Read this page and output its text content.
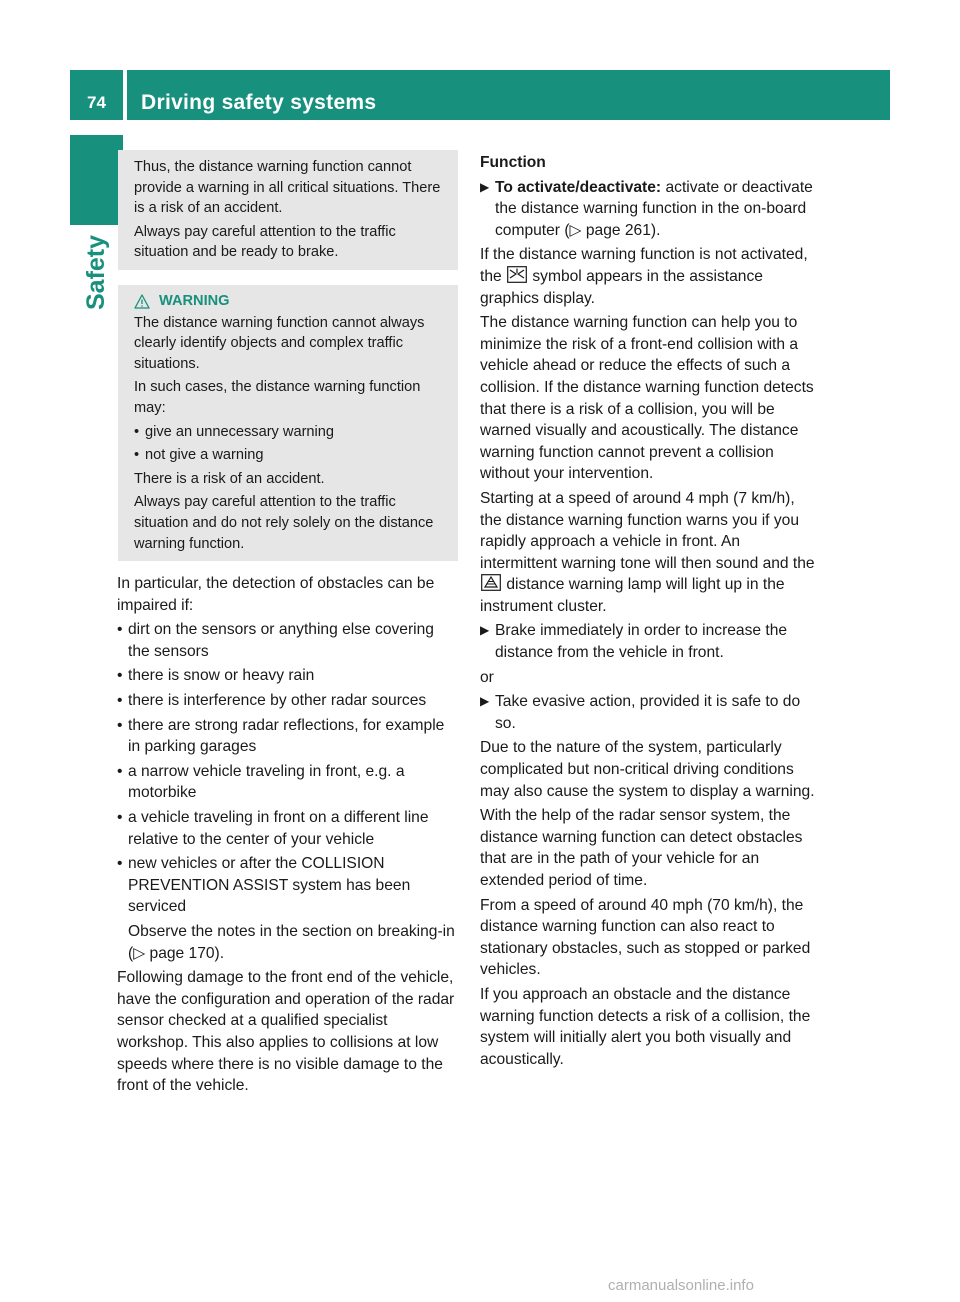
74	Driving safety systems
Safety

Thus, the distance warning function cannot provide a warning in all critical situations. There is a risk of an accident.

Always pay careful attention to the traffic situation and be ready to brake.

WARNING

The distance warning function cannot always clearly identify objects and complex traffic situations.

In such cases, the distance warning function may:

• give an unnecessary warning
• not give a warning

There is a risk of an accident.

Always pay careful attention to the traffic situation and do not rely solely on the distance warning function.

In particular, the detection of obstacles can be impaired if:

• dirt on the sensors or anything else covering the sensors
• there is snow or heavy rain
• there is interference by other radar sources
• there are strong radar reflections, for example in parking garages
• a narrow vehicle traveling in front, e.g. a motorbike
• a vehicle traveling in front on a different line relative to the center of your vehicle
• new vehicles or after the COLLISION PREVENTION ASSIST system has been serviced

Observe the notes in the section on breaking-in (▷ page 170).

Following damage to the front end of the vehicle, have the configuration and operation of the radar sensor checked at a qualified specialist workshop. This also applies to collisions at low speeds where there is no visible damage to the front of the vehicle.

Function

▶ To activate/deactivate: activate or deactivate the distance warning function in the on-board computer (▷ page 261).

If the distance warning function is not activated, the symbol appears in the assistance graphics display.

The distance warning function can help you to minimize the risk of a front-end collision with a vehicle ahead or reduce the effects of such a collision. If the distance warning function detects that there is a risk of a collision, you will be warned visually and acoustically. The distance warning function cannot prevent a collision without your intervention.

Starting at a speed of around 4 mph (7 km/h), the distance warning function warns you if you rapidly approach a vehicle in front. An intermittent warning tone will then sound and the  distance warning lamp will light up in the instrument cluster.

▶ Brake immediately in order to increase the distance from the vehicle in front.

or

▶ Take evasive action, provided it is safe to do so.

Due to the nature of the system, particularly complicated but non-critical driving conditions may also cause the system to display a warning.

With the help of the radar sensor system, the distance warning function can detect obstacles that are in the path of your vehicle for an extended period of time.

From a speed of around 40 mph (70 km/h), the distance warning function can also react to stationary obstacles, such as stopped or parked vehicles.

If you approach an obstacle and the distance warning function detects a risk of a collision, the system will initially alert you both visually and acoustically.

carmanualsonline.info
